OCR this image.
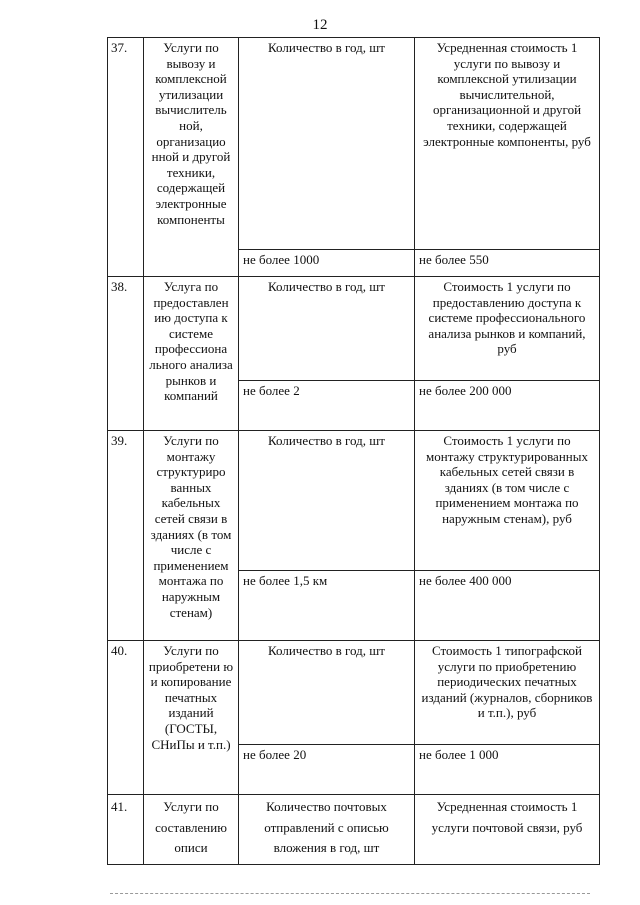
12
37.	Услуги по вывозу и комплексной утилизации вычислитель ной, организацио нной и другой техники, содержащей электронные компоненты	Количество в год, шт	Усредненная стоимость 1 услуги по вывозу и комплексной утилизации вычислительной, организационной и другой техники, содержащей электронные компоненты, руб
		не более 1000	не более 550
38.	Услуга по предоставлен ию доступа к системе профессиона льного анализа рынков и компаний	Количество в год, шт	Стоимость 1 услуги по предоставлению доступа к системе профессионального анализа рынков и компаний, руб
		не более 2	не более 200 000
39.	Услуги по монтажу структуриро ванных кабельных сетей связи в зданиях (в том числе с применением монтажа по наружным стенам)	Количество в год, шт	Стоимость 1 услуги по монтажу структурированных кабельных сетей связи в зданиях (в том числе с применением монтажа по наружным стенам), руб
		не более 1,5 км	не более 400 000
40.	Услуги по приобретени ю и копирование печатных изданий (ГОСТЫ, СНиПы и т.п.)	Количество в год, шт	Стоимость 1 типографской услуги по приобретению периодических печатных изданий (журналов, сборников и т.п.), руб
		не более 20	не более 1 000
41.	Услуги по составлению описи	Количество почтовых отправлений с описью вложения в год, шт	Усредненная стоимость 1 услуги почтовой связи, руб
